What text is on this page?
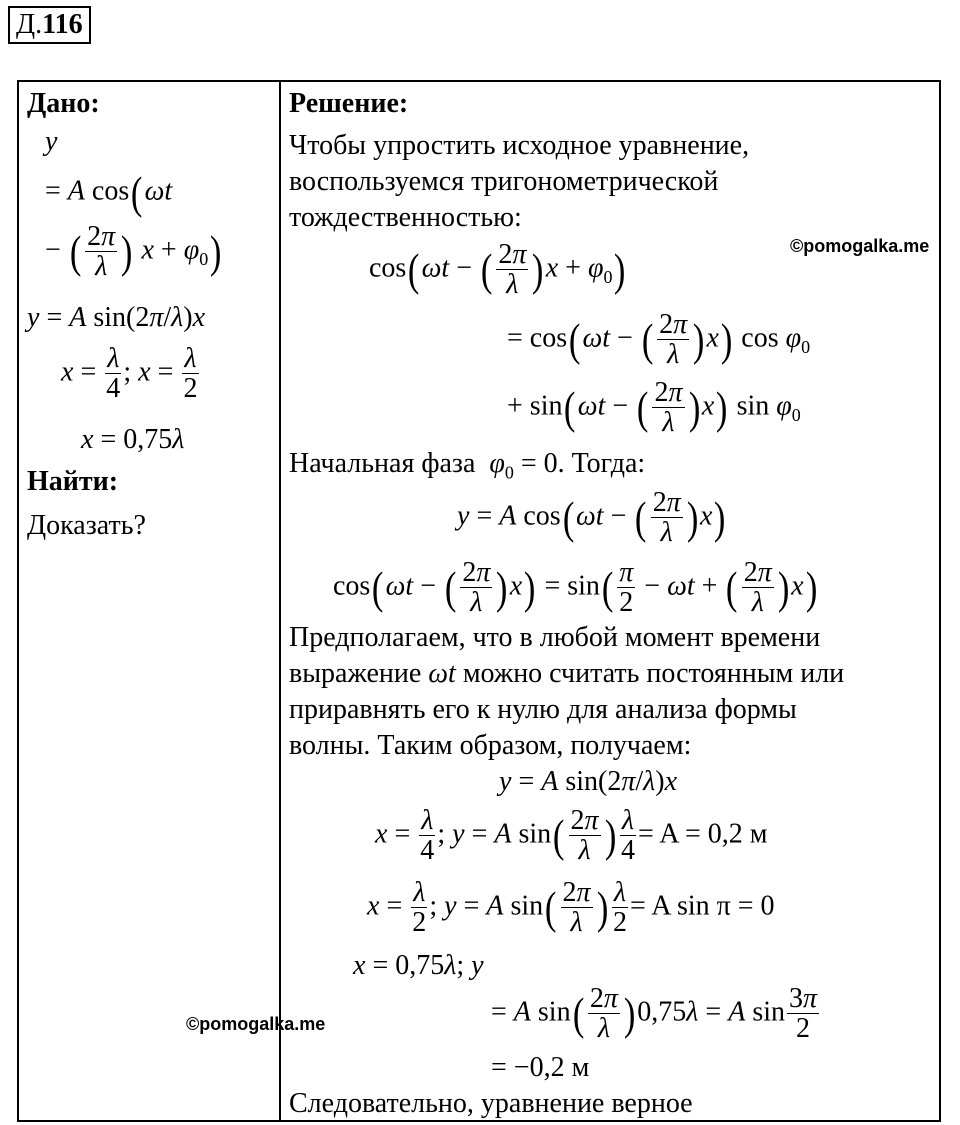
Д.116
Дано:
y
= A cos(ωt
− ( $\frac{2\pi}{\lambda}$ ) $x + \varphi_0$)
y = A sin(2π/λ)x
$x = \frac{\lambda}{4}$ ; $x = \frac{\lambda}{2}$
x = 0,75λ
Найти:
Доказать?

Решение:
Чтобы упростить исходное уравнение,
воспользуемся тригонометрической
тождественностью:
cos(ωt − ( $\frac{2\pi}{\lambda} )x + \varphi_0$)
= cos(ωt − ( $\frac{2\pi}{\lambda} )x$) $\cos \varphi_0$
+ sin(ωt − ( $\frac{2\pi}{\lambda} )x$) $\sin \varphi_0$
Начальная фаза $\varphi_0 = 0$. Тогда:
y = A cos(ωt − ( $\frac{2\pi}{\lambda} )x$)
cos(ωt − ( $\frac{2\pi}{\lambda} )x) = \sin( \frac{\pi}{2} - \omega t$ + ( $\frac{2\pi}{\lambda} )x$)
Предполагаем, что в любой момент времени
выражение ωt можно считать постоянным или
приравнять его к нулю для анализа формы
волны. Таким образом, получаем:
y = A sin(2π/λ)x
$x = \frac{\lambda}{4}$ ; y = A $\sin( \frac{2\pi}{\lambda}$ ) $\frac{\lambda}{4} = A = 0,2$ м
$x = \frac{\lambda}{2}$ ; y = A $\sin( \frac{2\pi}{\lambda}$ ) $\frac{\lambda}{2} = A$ sin π = 0
x = 0,75λ; y
= A $\sin( \frac{2\pi}{\lambda} )0,75\lambda = A$ $\sin \frac{3\pi}{2}$
= −0,2 м
Следовательно, уравнение верное
©pomogalka.me
©pomogalka.me
